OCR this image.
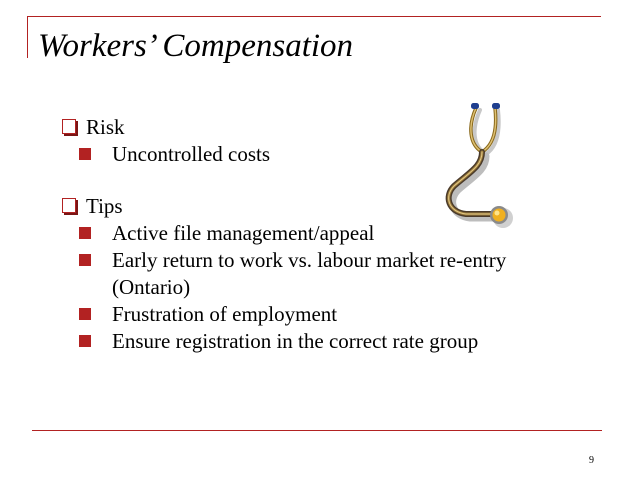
Workers’ Compensation
Risk
Uncontrolled costs
Tips
Active file management/appeal
Early return to work vs. labour market re-entry (Ontario)
Frustration of employment
Ensure registration in the correct rate group
9
